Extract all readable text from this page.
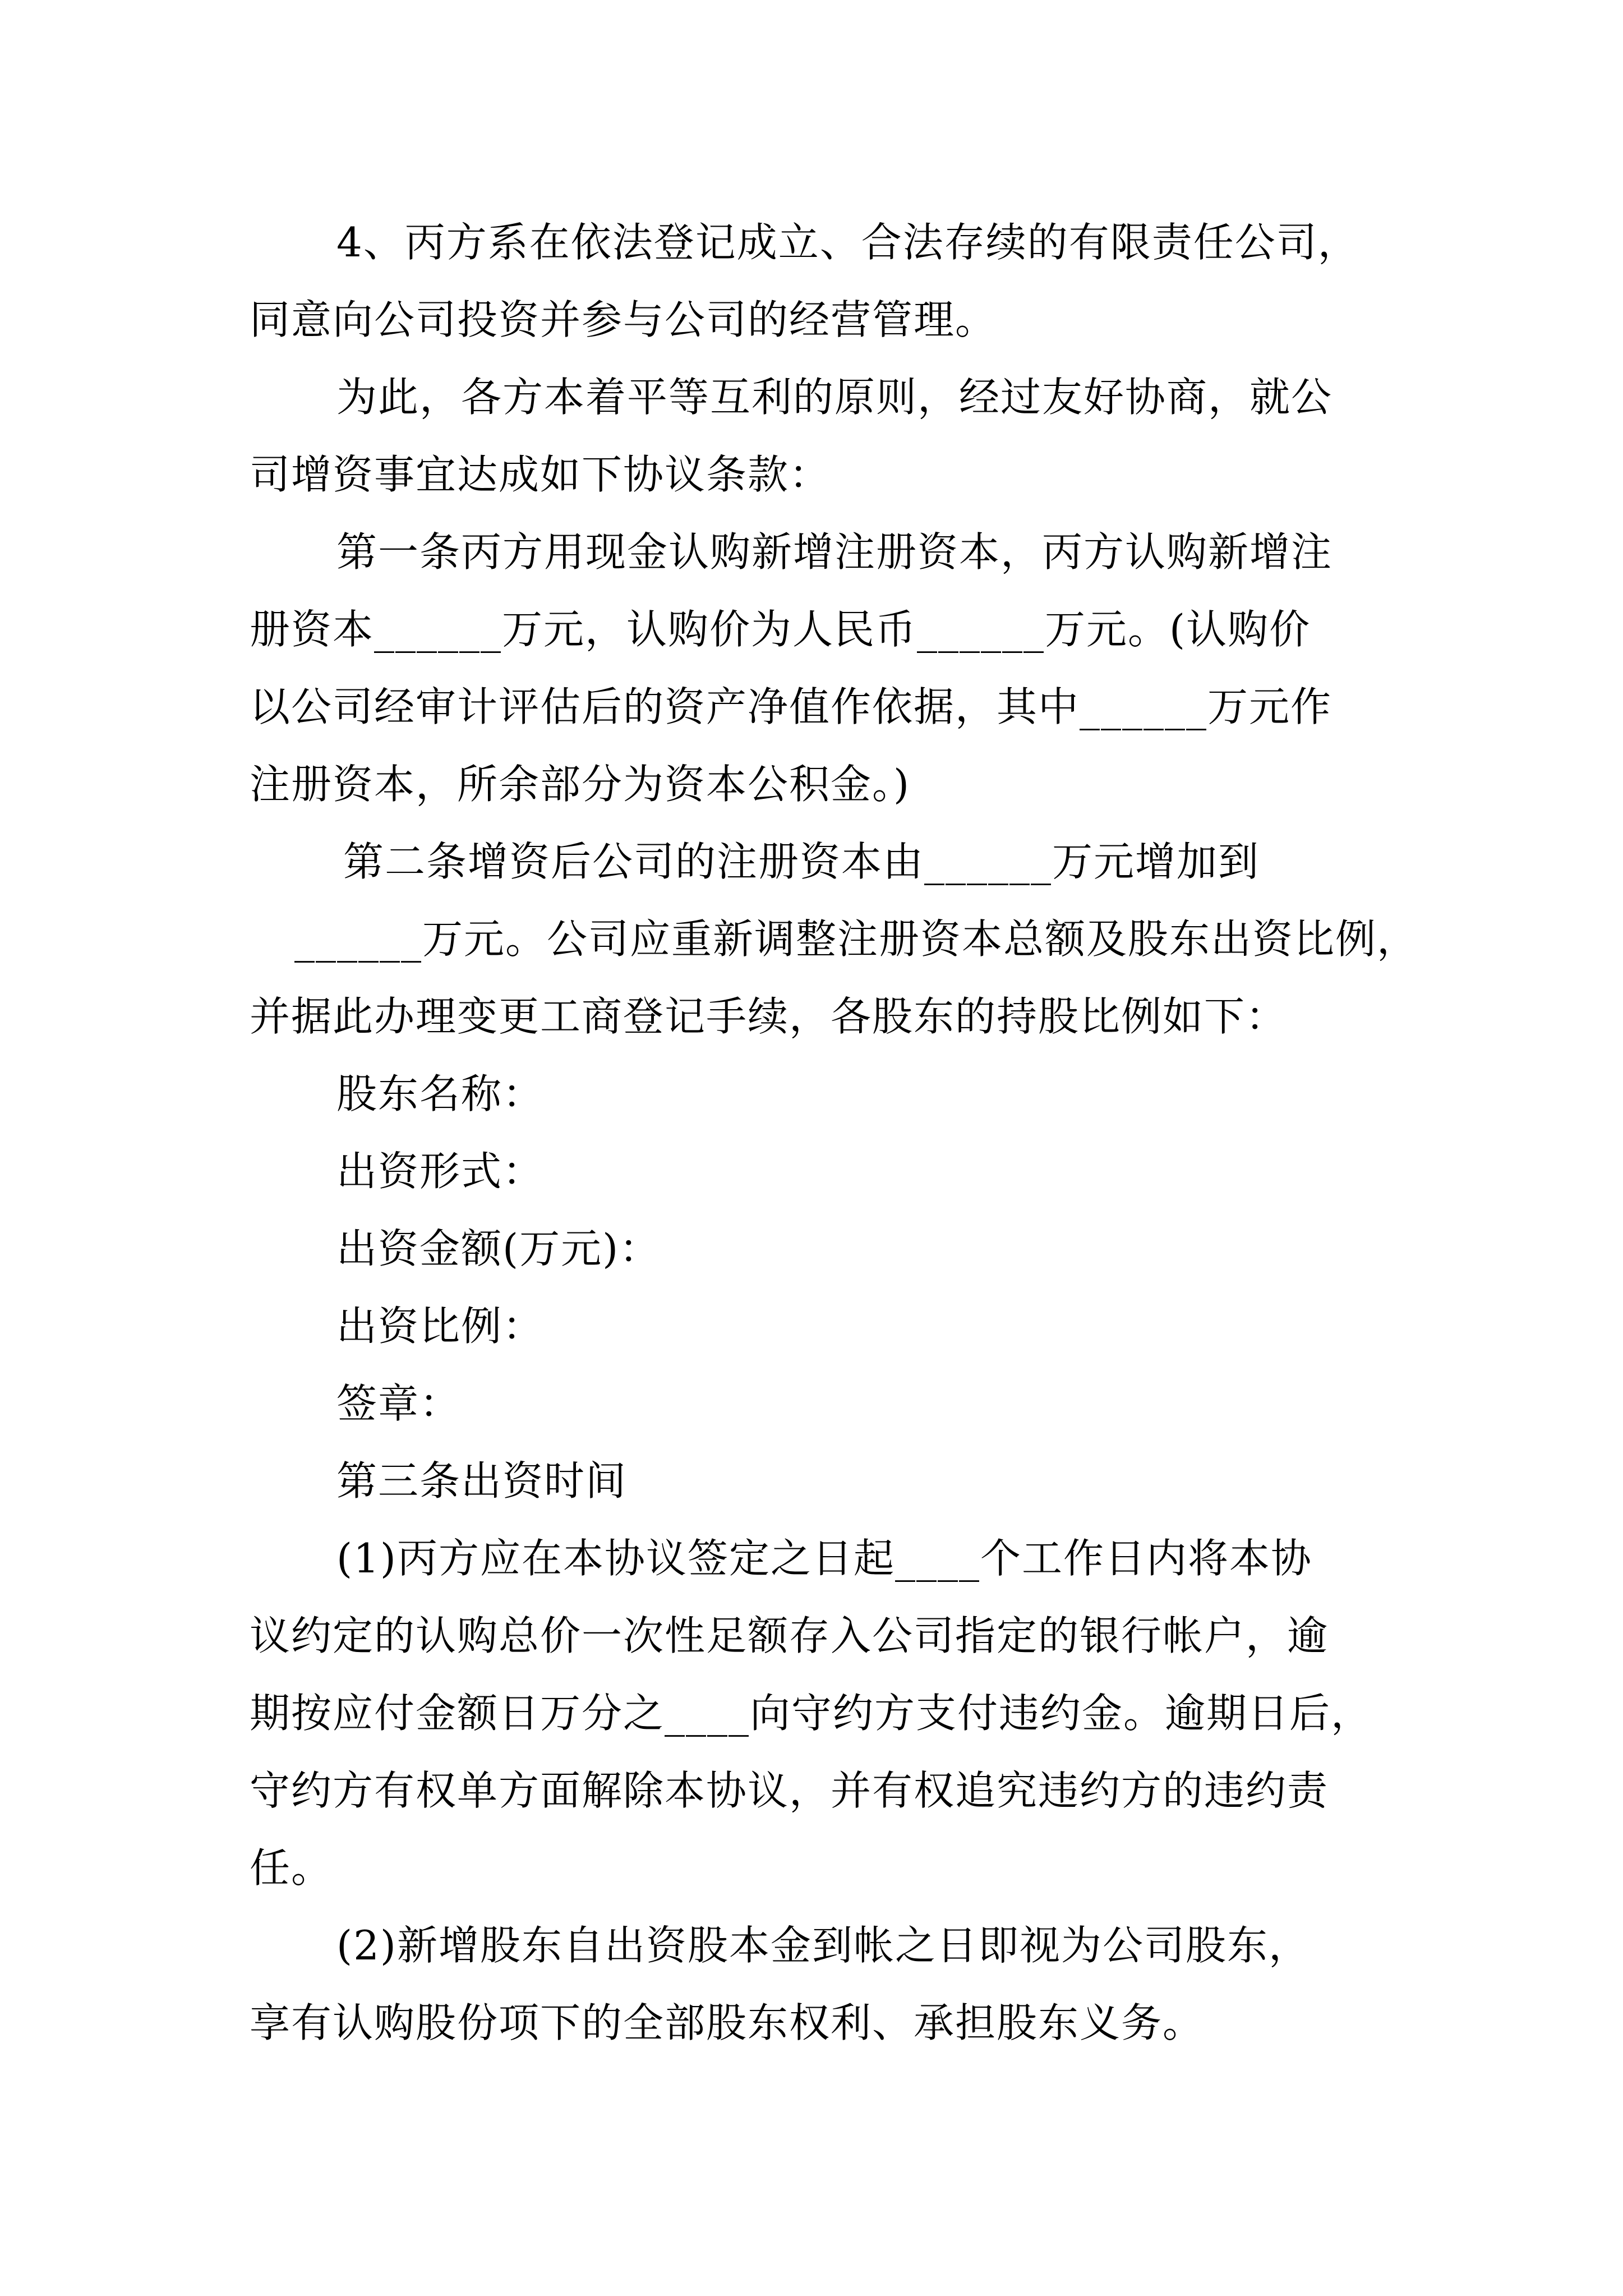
4、丙方系在依法登记成立、合法存续的有限责任公司，
同意向公司投资并参与公司的经营管理。
为此，各方本着平等互利的原则，经过友好协商，就公
司增资事宜达成如下协议条款：
第一条丙方用现金认购新增注册资本，丙方认购新增注
册资本______万元，认购价为人民币______万元。(认购价
以公司经审计评估后的资产净值作依据，其中______万元作
注册资本，所余部分为资本公积金。)
第二条增资后公司的注册资本由______万元增加到
______万元。公司应重新调整注册资本总额及股东出资比例，
并据此办理变更工商登记手续，各股东的持股比例如下：
股东名称：
出资形式：
出资金额(万元)：
出资比例：
签章：
第三条出资时间
(1)丙方应在本协议签定之日起____个工作日内将本协
议约定的认购总价一次性足额存入公司指定的银行帐户，逾
期按应付金额日万分之____向守约方支付违约金。逾期日后，
守约方有权单方面解除本协议，并有权追究违约方的违约责
任。
(2)新增股东自出资股本金到帐之日即视为公司股东，
享有认购股份项下的全部股东权利、承担股东义务。
